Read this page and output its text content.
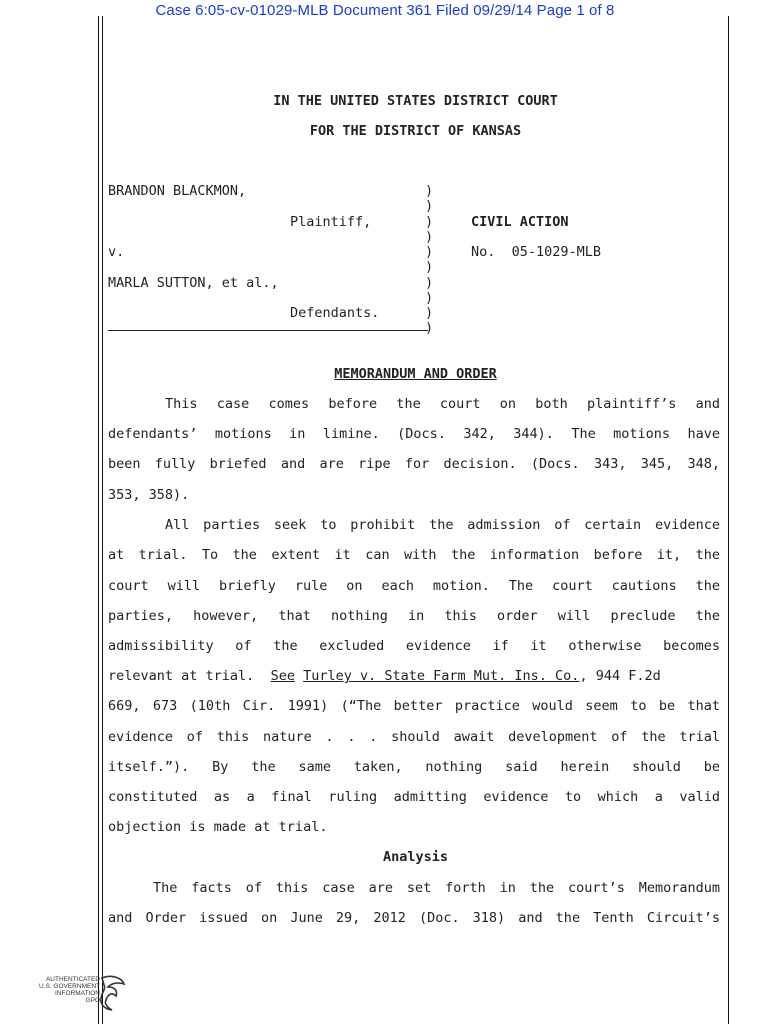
Case 6:05-cv-01029-MLB Document 361 Filed 09/29/14 Page 1 of 8
IN THE UNITED STATES DISTRICT COURT
FOR THE DISTRICT OF KANSAS
BRANDON BLACKMON,
Plaintiff,
v.
MARLA SUTTON, et al.,
Defendants.
)
)
)
)
)
)
)
)
)
)
CIVIL ACTION
No.  05-1029-MLB
MEMORANDUM AND ORDER
This case comes before the court on both plaintiff’s and
defendants’ motions in limine. (Docs. 342, 344). The motions have
been fully briefed and are ripe for decision. (Docs. 343, 345, 348,
353, 358).
All parties seek to prohibit the admission of certain evidence
at trial. To the extent it can with the information before it, the
court will briefly rule on each motion. The court cautions the
parties, however, that nothing in this order will preclude the
admissibility of the excluded evidence if it otherwise becomes
relevant at trial.  See Turley v. State Farm Mut. Ins. Co., 944 F.2d
669, 673 (10th Cir. 1991) (“The better practice would seem to be that
evidence of this nature . . . should await development of the trial
itself.”). By the same taken, nothing said herein should be
constituted as a final ruling admitting evidence to which a valid
objection is made at trial.
Analysis
The facts of this case are set forth in the court’s Memorandum
and Order issued on June 29, 2012 (Doc. 318) and the Tenth Circuit’s
AUTHENTICATED
U.S. GOVERNMENT
INFORMATION
GPO
